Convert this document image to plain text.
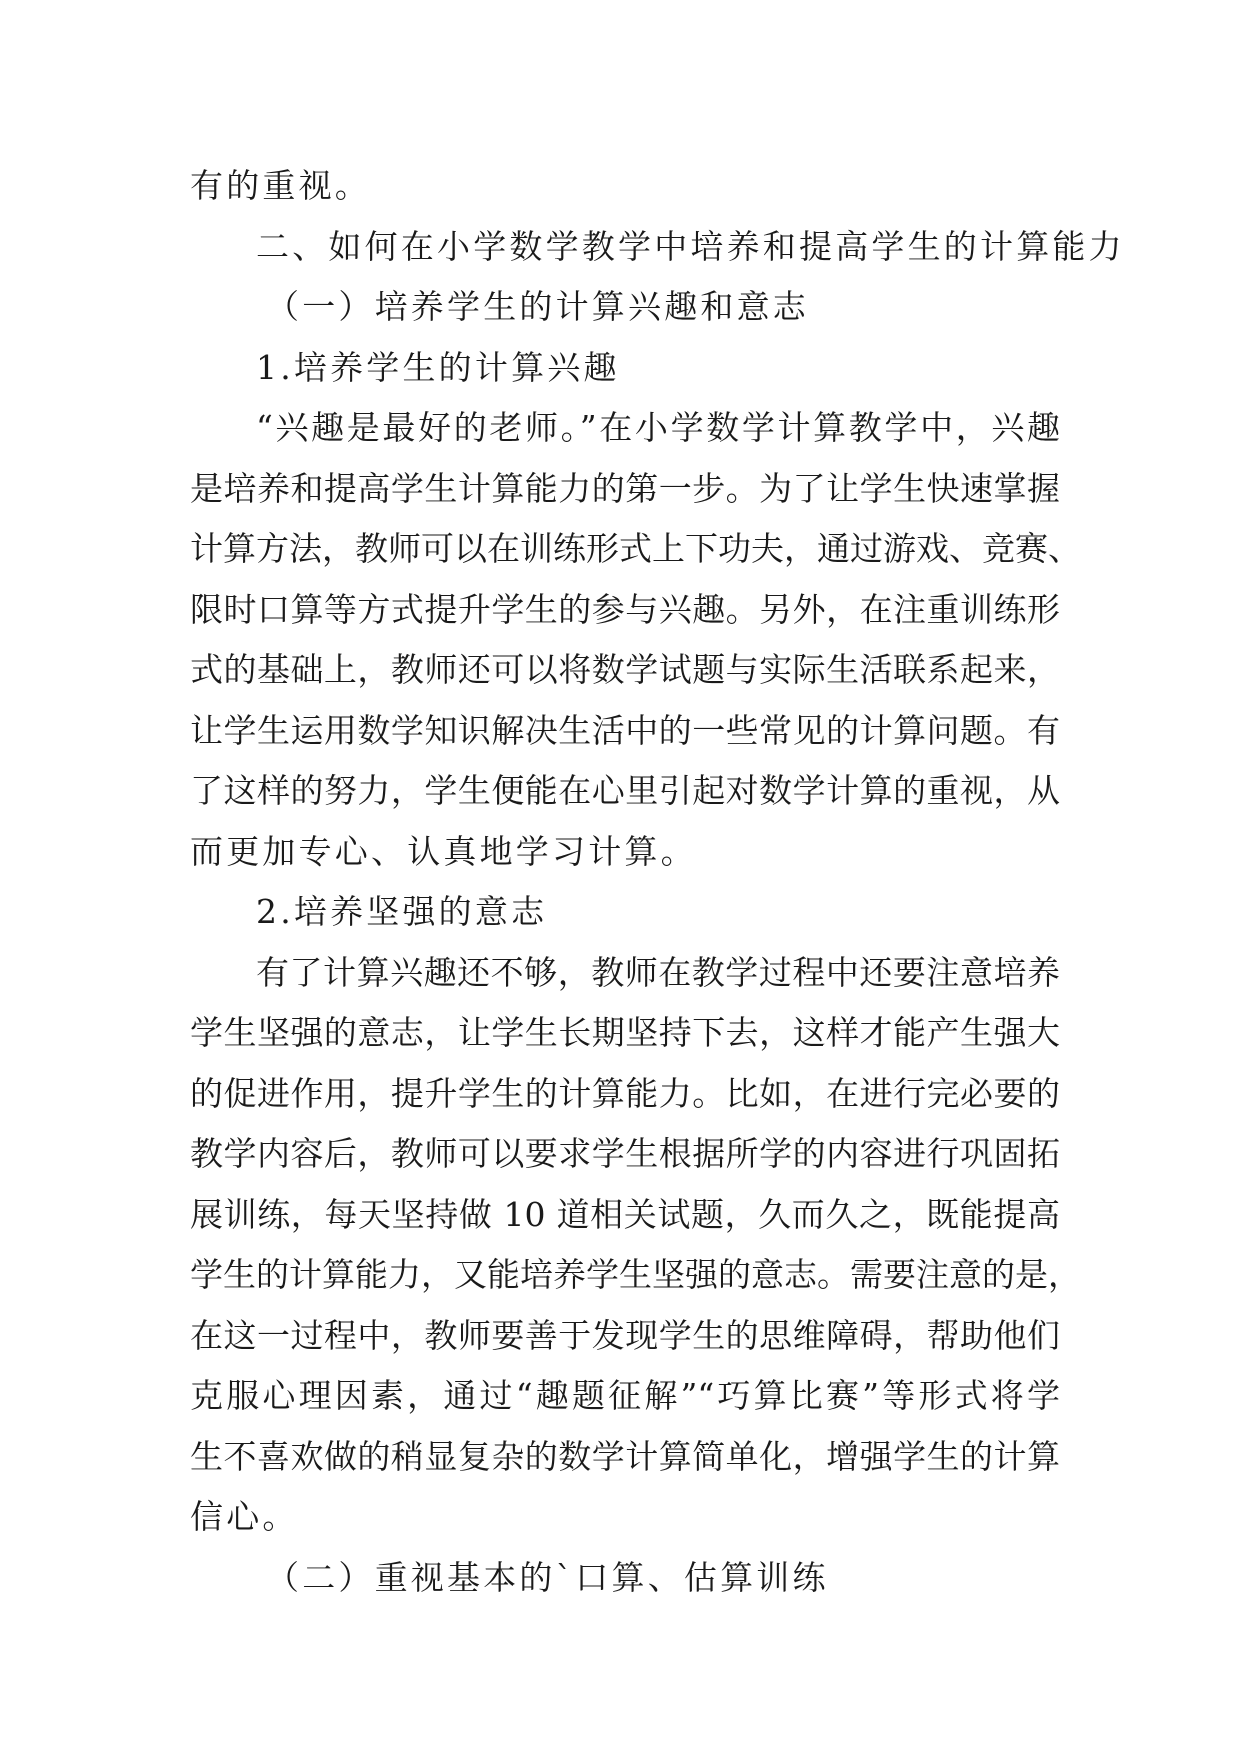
有的重视。
二、如何在小学数学教学中培养和提高学生的计算能力
（一）培养学生的计算兴趣和意志
1.培养学生的计算兴趣
“兴趣是最好的老师。”在小学数学计算教学中，兴趣
是培养和提高学生计算能力的第一步。为了让学生快速掌握
计算方法，教师可以在训练形式上下功夫，通过游戏、竞赛、
限时口算等方式提升学生的参与兴趣。另外，在注重训练形
式的基础上，教师还可以将数学试题与实际生活联系起来，
让学生运用数学知识解决生活中的一些常见的计算问题。有
了这样的努力，学生便能在心里引起对数学计算的重视，从
而更加专心、认真地学习计算。
2.培养坚强的意志
有了计算兴趣还不够，教师在教学过程中还要注意培养
学生坚强的意志，让学生长期坚持下去，这样才能产生强大
的促进作用，提升学生的计算能力。比如，在进行完必要的
教学内容后，教师可以要求学生根据所学的内容进行巩固拓
展训练，每天坚持做 10 道相关试题，久而久之，既能提高
学生的计算能力，又能培养学生坚强的意志。需要注意的是，
在这一过程中，教师要善于发现学生的思维障碍，帮助他们
克服心理因素，通过“趣题征解”“巧算比赛”等形式将学
生不喜欢做的稍显复杂的数学计算简单化，增强学生的计算
信心。
（二）重视基本的`口算、估算训练
